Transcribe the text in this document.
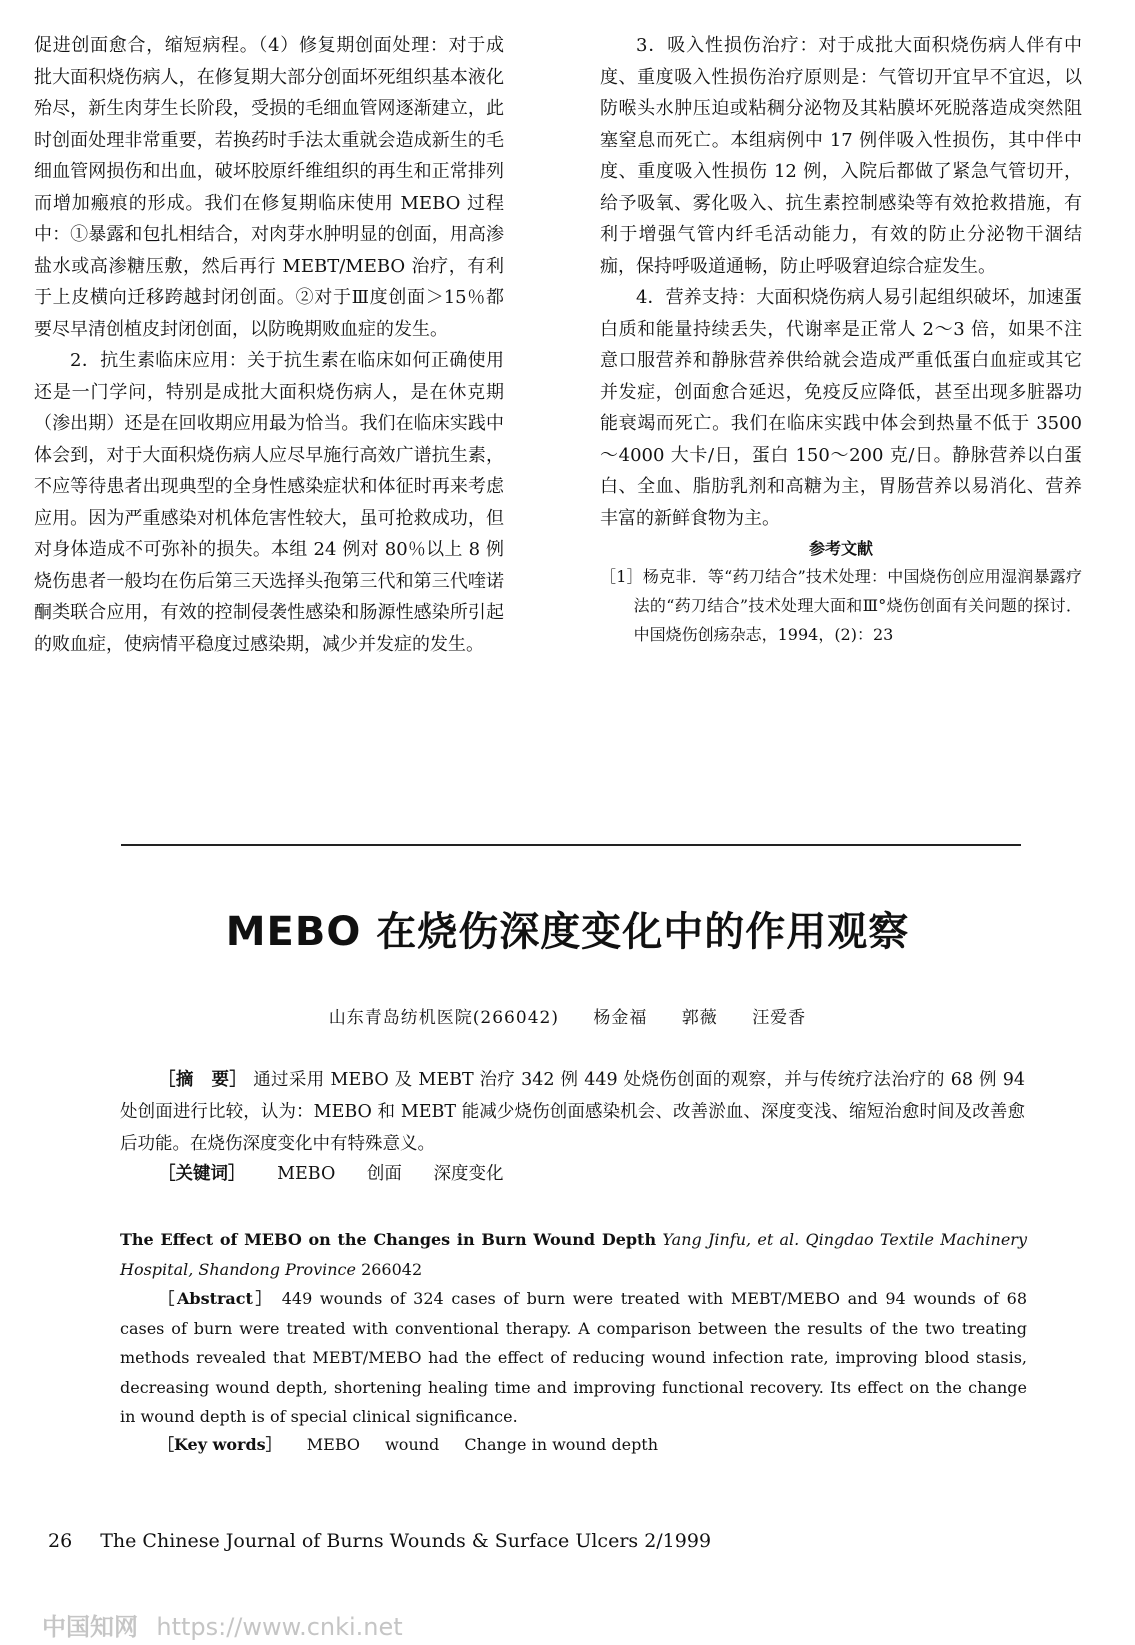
促进创面愈合，缩短病程。（4）修复期创面处理：对于成批大面积烧伤病人，在修复期大部分创面坏死组织基本液化殆尽，新生肉芽生长阶段，受损的毛细血管网逐渐建立，此时创面处理非常重要，若换药时手法太重就会造成新生的毛细血管网损伤和出血，破坏胶原纤维组织的再生和正常排列而增加瘢痕的形成。我们在修复期临床使用 MEBO 过程中：①暴露和包扎相结合，对肉芽水肿明显的创面，用高渗盐水或高渗糖压敷，然后再行 MEBT/MEBO 治疗，有利于上皮横向迁移跨越封闭创面。②对于Ⅲ度创面＞15％都要尽早清创植皮封闭创面，以防晚期败血症的发生。

2．抗生素临床应用：关于抗生素在临床如何正确使用还是一门学问，特别是成批大面积烧伤病人，是在休克期（渗出期）还是在回收期应用最为恰当。我们在临床实践中体会到，对于大面积烧伤病人应尽早施行高效广谱抗生素，不应等待患者出现典型的全身性感染症状和体征时再来考虑应用。因为严重感染对机体危害性较大，虽可抢救成功，但对身体造成不可弥补的损失。本组 24 例对 80％以上 8 例烧伤患者一般均在伤后第三天选择头孢第三代和第三代喹诺酮类联合应用，有效的控制侵袭性感染和肠源性感染所引起的败血症，使病情平稳度过感染期，减少并发症的发生。

3．吸入性损伤治疗：对于成批大面积烧伤病人伴有中度、重度吸入性损伤治疗原则是：气管切开宜早不宜迟，以防喉头水肿压迫或粘稠分泌物及其粘膜坏死脱落造成突然阻塞窒息而死亡。本组病例中 17 例伴吸入性损伤，其中伴中度、重度吸入性损伤 12 例，入院后都做了紧急气管切开，给予吸氧、雾化吸入、抗生素控制感染等有效抢救措施，有利于增强气管内纤毛活动能力，有效的防止分泌物干涸结痂，保持呼吸道通畅，防止呼吸窘迫综合症发生。

4．营养支持：大面积烧伤病人易引起组织破坏，加速蛋白质和能量持续丢失，代谢率是正常人 2～3 倍，如果不注意口服营养和静脉营养供给就会造成严重低蛋白血症或其它并发症，创面愈合延迟，免疫反应降低，甚至出现多脏器功能衰竭而死亡。我们在临床实践中体会到热量不低于 3500～4000 大卡/日，蛋白 150～200 克/日。静脉营养以白蛋白、全血、脂肪乳剂和高糖为主，胃肠营养以易消化、营养丰富的新鲜食物为主。

参考文献

［1］杨克非．等“药刀结合”技术处理：中国烧伤创应用湿润暴露疗法的“药刀结合”技术处理大面和Ⅲ°烧伤创面有关问题的探讨．中国烧伤创疡杂志，1994，(2)：23

MEBO 在烧伤深度变化中的作用观察
山东青岛纺机医院(266042) 杨金福 郭薇 汪爱香

［摘　要］ 通过采用 MEBO 及 MEBT 治疗 342 例 449 处烧伤创面的观察，并与传统疗法治疗的 68 例 94 处创面进行比较，认为：MEBO 和 MEBT 能减少烧伤创面感染机会、改善淤血、深度变浅、缩短治愈时间及改善愈后功能。在烧伤深度变化中有特殊意义。

［关键词］ MEBO 创面 深度变化

The Effect of MEBO on the Changes in Burn Wound Depth Yang Jinfu, et al. Qingdao Textile Machinery Hospital, Shandong Province 266042

［Abstract］ 449 wounds of 324 cases of burn were treated with MEBT/MEBO and 94 wounds of 68 cases of burn were treated with conventional therapy. A comparison between the results of the two treating methods revealed that MEBT/MEBO had the effect of reducing wound infection rate, improving blood stasis, decreasing wound depth, shortening healing time and improving functional recovery. Its effect on the change in wound depth is of special clinical significance.

［Key words］ MEBO wound Change in wound depth
26 The Chinese Journal of Burns Wounds & Surface Ulcers 2/1999
中国知网 https://www.cnki.net
